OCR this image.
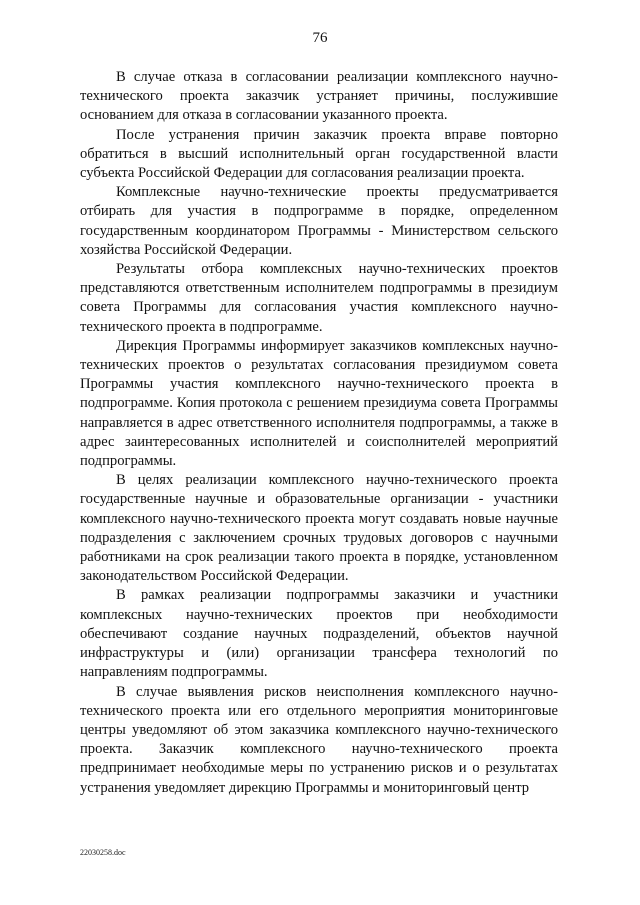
76

В случае отказа в согласовании реализации комплексного научно-технического проекта заказчик устраняет причины, послужившие основанием для отказа в согласовании указанного проекта.

После устранения причин заказчик проекта вправе повторно обратиться в высший исполнительный орган государственной власти субъекта Российской Федерации для согласования реализации проекта.

Комплексные научно-технические проекты предусматривается отбирать для участия в подпрограмме в порядке, определенном государственным координатором Программы - Министерством сельского хозяйства Российской Федерации.

Результаты отбора комплексных научно-технических проектов представляются ответственным исполнителем подпрограммы в президиум совета Программы для согласования участия комплексного научно-технического проекта в подпрограмме.

Дирекция Программы информирует заказчиков комплексных научно-технических проектов о результатах согласования президиумом совета Программы участия комплексного научно-технического проекта в подпрограмме. Копия протокола с решением президиума совета Программы направляется в адрес ответственного исполнителя подпрограммы, а также в адрес заинтересованных исполнителей и соисполнителей мероприятий подпрограммы.

В целях реализации комплексного научно-технического проекта государственные научные и образовательные организации - участники комплексного научно-технического проекта могут создавать новые научные подразделения с заключением срочных трудовых договоров с научными работниками на срок реализации такого проекта в порядке, установленном законодательством Российской Федерации.

В рамках реализации подпрограммы заказчики и участники комплексных научно-технических проектов при необходимости обеспечивают создание научных подразделений, объектов научной инфраструктуры и (или) организации трансфера технологий по направлениям подпрограммы.

В случае выявления рисков неисполнения комплексного научно-технического проекта или его отдельного мероприятия мониторинговые центры уведомляют об этом заказчика комплексного научно-технического проекта. Заказчик комплексного научно-технического проекта предпринимает необходимые меры по устранению рисков и о результатах устранения уведомляет дирекцию Программы и мониторинговый центр

22030258.doc
